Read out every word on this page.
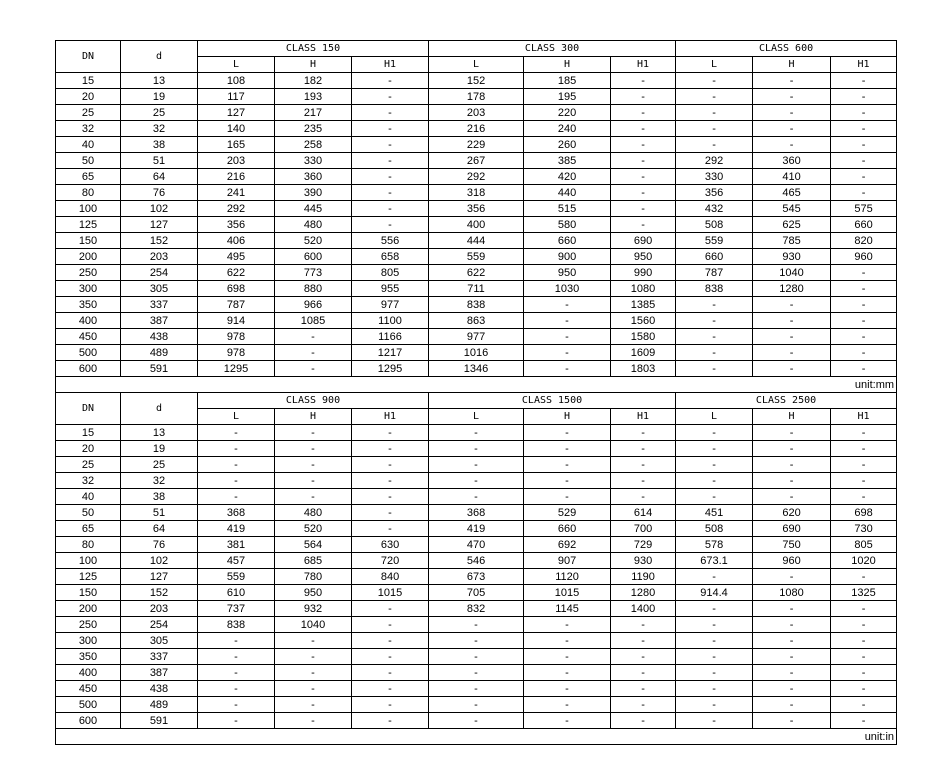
DN	d	CLASS 150			CLASS 300			CLASS 600		
		L	H	H1	L	H	H1	L	H	H1
15	13	108	182	-	152	185	-	-	-	-
20	19	117	193	-	178	195	-	-	-	-
25	25	127	217	-	203	220	-	-	-	-
32	32	140	235	-	216	240	-	-	-	-
40	38	165	258	-	229	260	-	-	-	-
50	51	203	330	-	267	385	-	292	360	-
65	64	216	360	-	292	420	-	330	410	-
80	76	241	390	-	318	440	-	356	465	-
100	102	292	445	-	356	515	-	432	545	575
125	127	356	480	-	400	580	-	508	625	660
150	152	406	520	556	444	660	690	559	785	820
200	203	495	600	658	559	900	950	660	930	960
250	254	622	773	805	622	950	990	787	1040	-
300	305	698	880	955	711	1030	1080	838	1280	-
350	337	787	966	977	838	-	1385	-	-	-
400	387	914	1085	1100	863	-	1560	-	-	-
450	438	978	-	1166	977	-	1580	-	-	-
500	489	978	-	1217	1016	-	1609	-	-	-
600	591	1295	-	1295	1346	-	1803	-	-	-
unit:mm										
DN	d	CLASS 900			CLASS 1500			CLASS 2500		
		L	H	H1	L	H	H1	L	H	H1
15	13	-	-	-	-	-	-	-	-	-
20	19	-	-	-	-	-	-	-	-	-
25	25	-	-	-	-	-	-	-	-	-
32	32	-	-	-	-	-	-	-	-	-
40	38	-	-	-	-	-	-	-	-	-
50	51	368	480	-	368	529	614	451	620	698
65	64	419	520	-	419	660	700	508	690	730
80	76	381	564	630	470	692	729	578	750	805
100	102	457	685	720	546	907	930	673.1	960	1020
125	127	559	780	840	673	1120	1190	-	-	-
150	152	610	950	1015	705	1015	1280	914.4	1080	1325
200	203	737	932	-	832	1145	1400	-	-	-
250	254	838	1040	-	-	-	-	-	-	-
300	305	-	-	-	-	-	-	-	-	-
350	337	-	-	-	-	-	-	-	-	-
400	387	-	-	-	-	-	-	-	-	-
450	438	-	-	-	-	-	-	-	-	-
500	489	-	-	-	-	-	-	-	-	-
600	591	-	-	-	-	-	-	-	-	-
unit:in										
